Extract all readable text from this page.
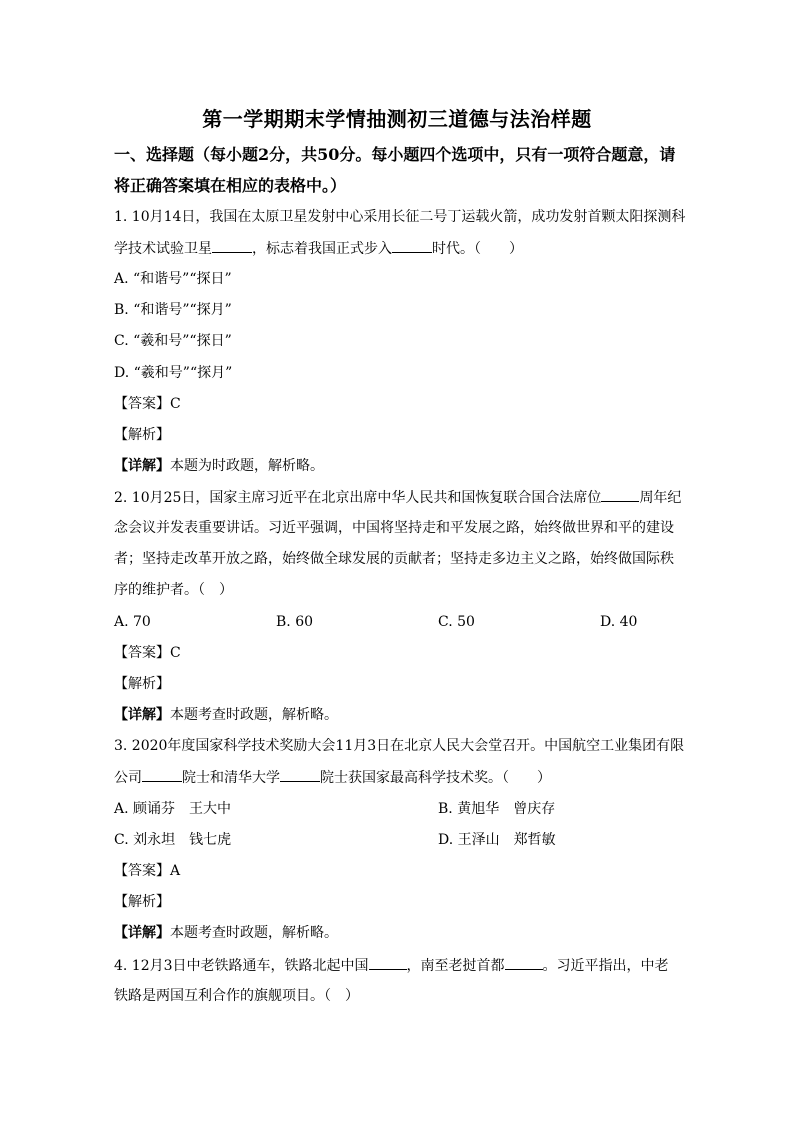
第一学期期末学情抽测初三道德与法治样题
一、选择题（每小题2分，共50分。每小题四个选项中，只有一项符合题意，请
将正确答案填在相应的表格中。）
1. 10月14日，我国在太原卫星发射中心采用长征二号丁运载火箭，成功发射首颗太阳探测科
学技术试验卫星	，标志着我国正式步入	时代。（　　）
A. “和谐号”“探日”
B. “和谐号”“探月”
C. “羲和号”“探日”
D. “羲和号”“探月”
【答案】C
【解析】
【详解】本题为时政题，解析略。
2. 10月25日，国家主席习近平在北京出席中华人民共和国恢复联合国合法席位	周年纪
念会议并发表重要讲话。习近平强调，中国将坚持走和平发展之路，始终做世界和平的建设
者；坚持走改革开放之路，始终做全球发展的贡献者；坚持走多边主义之路，始终做国际秩
序的维护者。（　）
A. 70	B. 60	C. 50	D. 40
【答案】C
【解析】
【详解】本题考查时政题，解析略。
3. 2020年度国家科学技术奖励大会11月3日在北京人民大会堂召开。中国航空工业集团有限
公司	院士和清华大学	院士获国家最高科学技术奖。（　　）
A. 顾诵芬　王大中	B. 黄旭华　曾庆存
C. 刘永坦　钱七虎	D. 王泽山　郑哲敏
【答案】A
【解析】
【详解】本题考查时政题，解析略。
4. 12月3日中老铁路通车，铁路北起中国	，南至老挝首都	。习近平指出，中老
铁路是两国互利合作的旗舰项目。（　）
